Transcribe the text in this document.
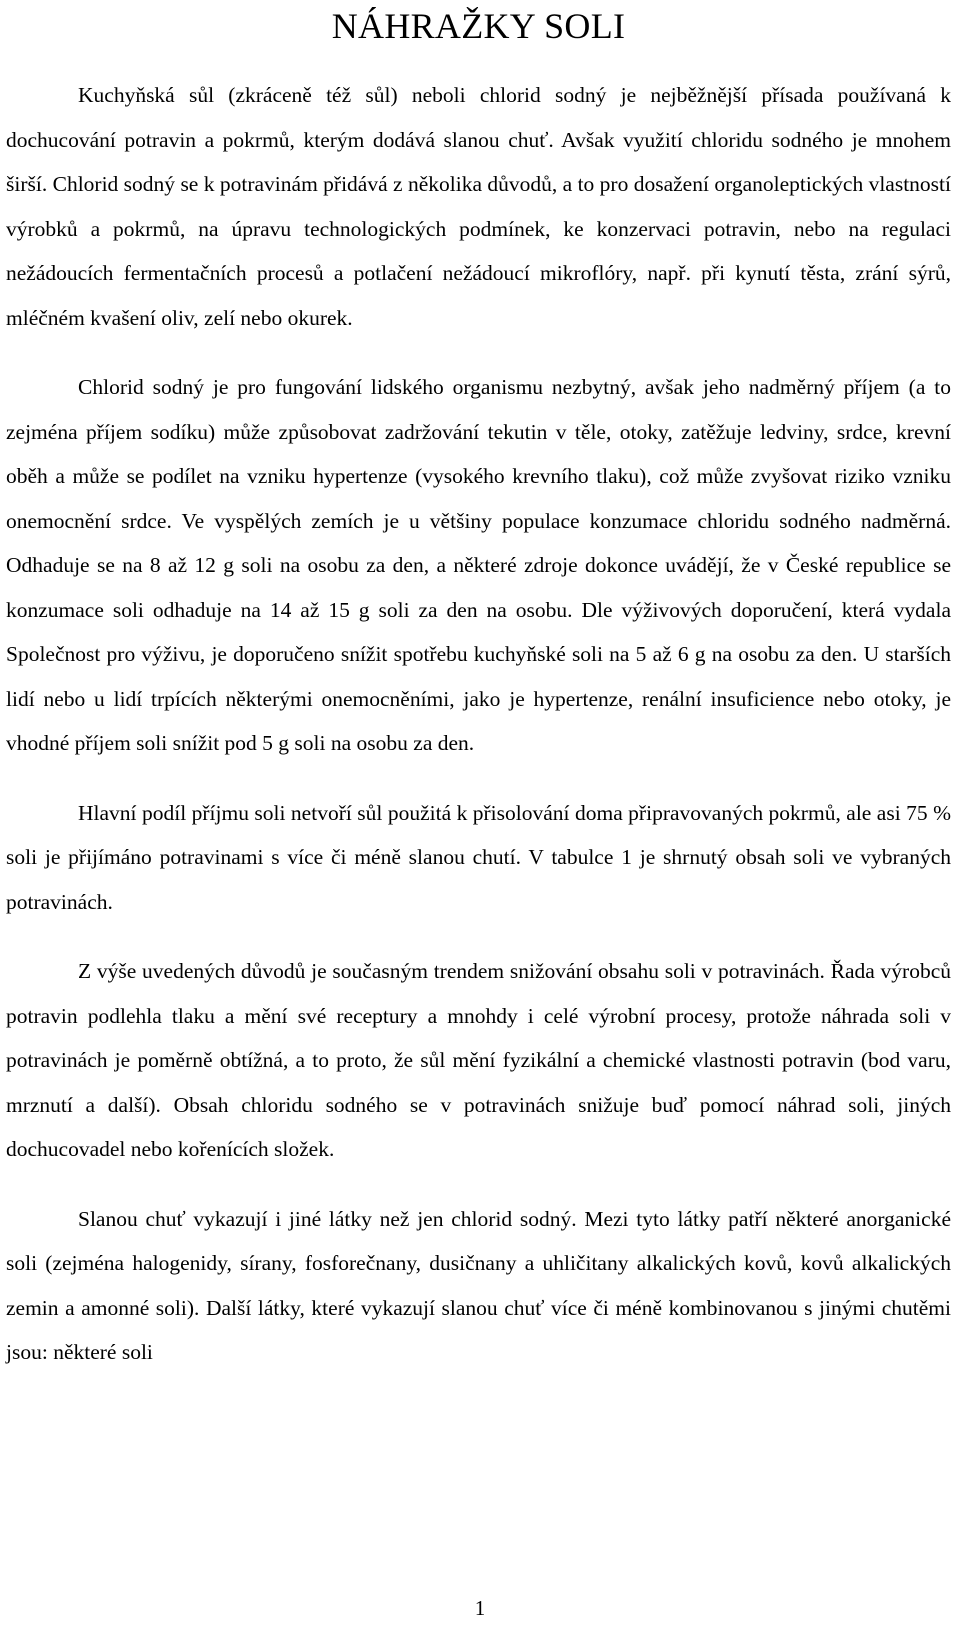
NÁHRAŽKY SOLI

Kuchyňská sůl (zkráceně též sůl) neboli chlorid sodný je nejběžnější přísada používaná k dochucování potravin a pokrmů, kterým dodává slanou chuť. Avšak využití chloridu sodného je mnohem širší. Chlorid sodný se k potravinám přidává z několika důvodů, a to pro dosažení organoleptických vlastností výrobků a pokrmů, na úpravu technologických podmínek, ke konzervaci potravin, nebo na regulaci nežádoucích fermentačních procesů a potlačení nežádoucí mikroflóry, např. při kynutí těsta, zrání sýrů, mléčném kvašení oliv, zelí nebo okurek.

Chlorid sodný je pro fungování lidského organismu nezbytný, avšak jeho nadměrný příjem (a to zejména příjem sodíku) může způsobovat zadržování tekutin v těle, otoky, zatěžuje ledviny, srdce, krevní oběh a může se podílet na vzniku hypertenze (vysokého krevního tlaku), což může zvyšovat riziko vzniku onemocnění srdce. Ve vyspělých zemích je u většiny populace konzumace chloridu sodného nadměrná. Odhaduje se na 8 až 12 g soli na osobu za den, a některé zdroje dokonce uvádějí, že v České republice se konzumace soli odhaduje na 14 až 15 g soli za den na osobu. Dle výživových doporučení, která vydala Společnost pro výživu, je doporučeno snížit spotřebu kuchyňské soli na 5 až 6 g na osobu za den. U starších lidí nebo u lidí trpících některými onemocněními, jako je hypertenze, renální insuficience nebo otoky, je vhodné příjem soli snížit pod 5 g soli na osobu za den.

Hlavní podíl příjmu soli netvoří sůl použitá k přisolování doma připravovaných pokrmů, ale asi 75 % soli je přijímáno potravinami s více či méně slanou chutí. V tabulce 1 je shrnutý obsah soli ve vybraných potravinách.

Z výše uvedených důvodů je současným trendem snižování obsahu soli v potravinách. Řada výrobců potravin podlehla tlaku a mění své receptury a mnohdy i celé výrobní procesy, protože náhrada soli v potravinách je poměrně obtížná, a to proto, že sůl mění fyzikální a chemické vlastnosti potravin (bod varu, mrznutí a další). Obsah chloridu sodného se v potravinách snižuje buď pomocí náhrad soli, jiných dochucovadel nebo kořenících složek.

Slanou chuť vykazují i jiné látky než jen chlorid sodný. Mezi tyto látky patří některé anorganické soli (zejména halogenidy, sírany, fosforečnany, dusičnany a uhličitany alkalických kovů, kovů alkalických zemin a amonné soli). Další látky, které vykazují slanou chuť více či méně kombinovanou s jinými chutěmi jsou: některé soli

1
